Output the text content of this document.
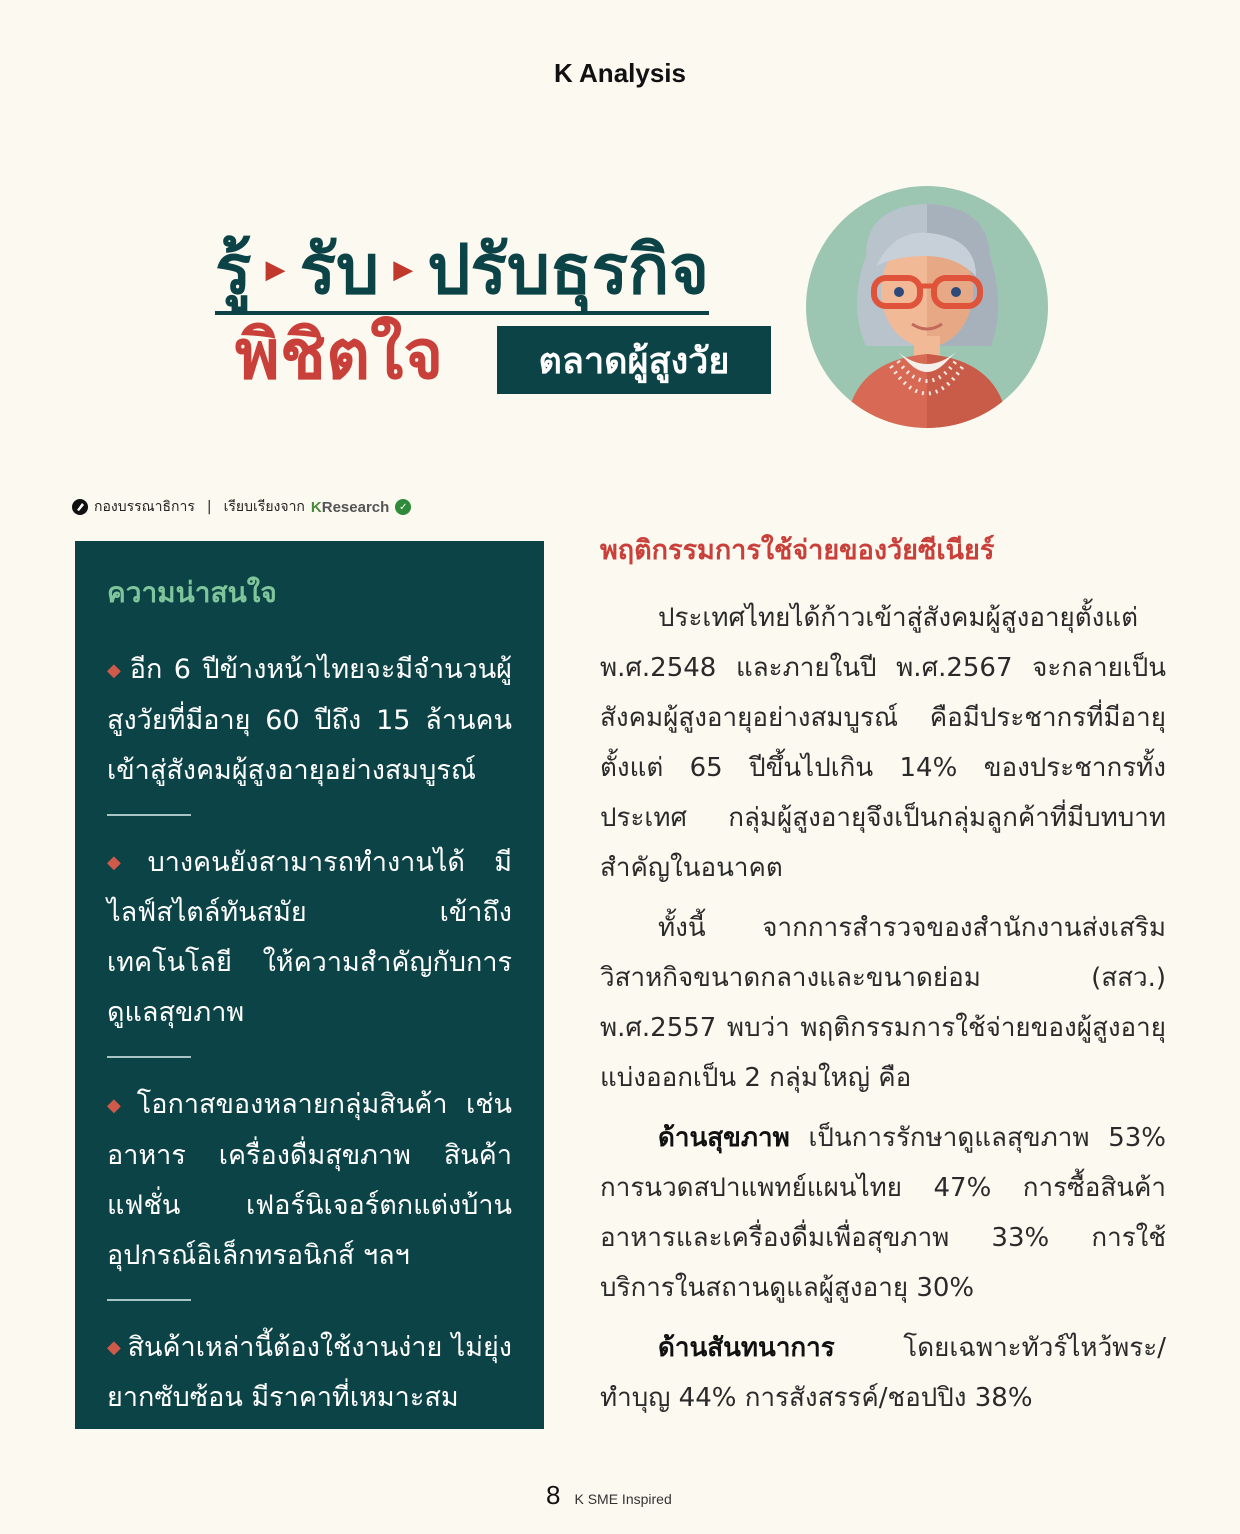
K Analysis
รู้ ▶ รับ ▶ ปรับธุรกิจ
พิชิตใจ	ตลาดผู้สูงวัย
กองบรรณาธิการ | เรียบเรียงจาก KResearch ✓
ความน่าสนใจ
◆ อีก 6 ปีข้างหน้าไทยจะมีจำนวนผู้สูงวัยที่มีอายุ 60 ปีถึง 15 ล้านคนเข้าสู่สังคมผู้สูงอายุอย่างสมบูรณ์
◆ บางคนยังสามารถทำงานได้ มีไลฟ์สไตล์ทันสมัย เข้าถึงเทคโนโลยี ให้ความสำคัญกับการดูแลสุขภาพ
◆ โอกาสของหลายกลุ่มสินค้า เช่น อาหาร เครื่องดื่มสุขภาพ สินค้าแฟชั่น เฟอร์นิเจอร์ตกแต่งบ้าน อุปกรณ์อิเล็กทรอนิกส์ ฯลฯ
◆ สินค้าเหล่านี้ต้องใช้งานง่าย ไม่ยุ่งยากซับซ้อน มีราคาที่เหมาะสม
พฤติกรรมการใช้จ่ายของวัยซีเนียร์

ประเทศไทยได้ก้าวเข้าสู่สังคมผู้สูงอายุตั้งแต่ พ.ศ.2548 และภายในปี พ.ศ.2567 จะกลายเป็นสังคมผู้สูงอายุอย่างสมบูรณ์ คือมีประชากรที่มีอายุตั้งแต่ 65 ปีขึ้นไปเกิน 14% ของประชากรทั้งประเทศ กลุ่มผู้สูงอายุจึงเป็นกลุ่มลูกค้าที่มีบทบาทสำคัญในอนาคต

ทั้งนี้ จากการสำรวจของสำนักงานส่งเสริมวิสาหกิจขนาดกลางและขนาดย่อม (สสว.) พ.ศ.2557 พบว่า พฤติกรรมการใช้จ่ายของผู้สูงอายุแบ่งออกเป็น 2 กลุ่มใหญ่ คือ

ด้านสุขภาพ เป็นการรักษาดูแลสุขภาพ 53% การนวดสปาแพทย์แผนไทย 47% การซื้อสินค้าอาหารและเครื่องดื่มเพื่อสุขภาพ 33% การใช้บริการในสถานดูแลผู้สูงอายุ 30%

ด้านสันทนาการ โดยเฉพาะทัวร์ไหว้พระ/ทำบุญ 44% การสังสรรค์/ชอปปิง 38%

8 K SME Inspired
